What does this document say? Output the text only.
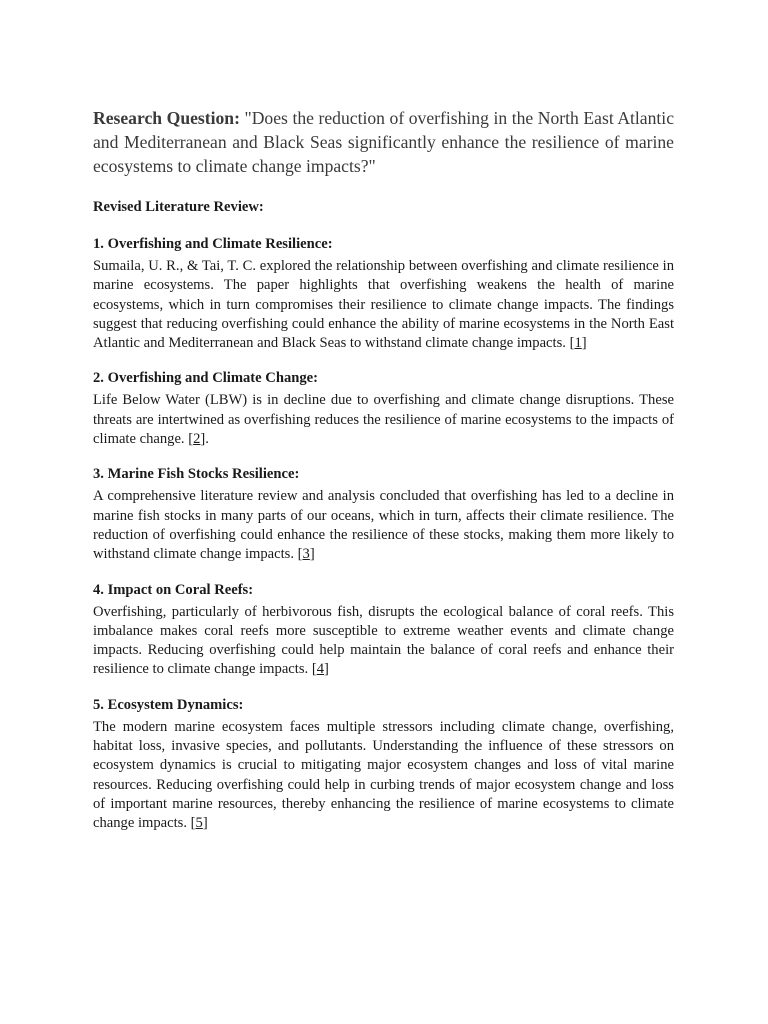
Research Question: "Does the reduction of overfishing in the North East Atlantic and Mediterranean and Black Seas significantly enhance the resilience of marine ecosystems to climate change impacts?"

Revised Literature Review:
1. Overfishing and Climate Resilience:

Sumaila, U. R., & Tai, T. C. explored the relationship between overfishing and climate resilience in marine ecosystems. The paper highlights that overfishing weakens the health of marine ecosystems, which in turn compromises their resilience to climate change impacts. The findings suggest that reducing overfishing could enhance the ability of marine ecosystems in the North East Atlantic and Mediterranean and Black Seas to withstand climate change impacts. [1]

2. Overfishing and Climate Change:

Life Below Water (LBW) is in decline due to overfishing and climate change disruptions. These threats are intertwined as overfishing reduces the resilience of marine ecosystems to the impacts of climate change. [2].

3. Marine Fish Stocks Resilience:

A comprehensive literature review and analysis concluded that overfishing has led to a decline in marine fish stocks in many parts of our oceans, which in turn, affects their climate resilience. The reduction of overfishing could enhance the resilience of these stocks, making them more likely to withstand climate change impacts. [3]

4. Impact on Coral Reefs:

Overfishing, particularly of herbivorous fish, disrupts the ecological balance of coral reefs. This imbalance makes coral reefs more susceptible to extreme weather events and climate change impacts. Reducing overfishing could help maintain the balance of coral reefs and enhance their resilience to climate change impacts. [4]

5. Ecosystem Dynamics:

The modern marine ecosystem faces multiple stressors including climate change, overfishing, habitat loss, invasive species, and pollutants. Understanding the influence of these stressors on ecosystem dynamics is crucial to mitigating major ecosystem changes and loss of vital marine resources. Reducing overfishing could help in curbing trends of major ecosystem change and loss of important marine resources, thereby enhancing the resilience of marine ecosystems to climate change impacts. [5]
